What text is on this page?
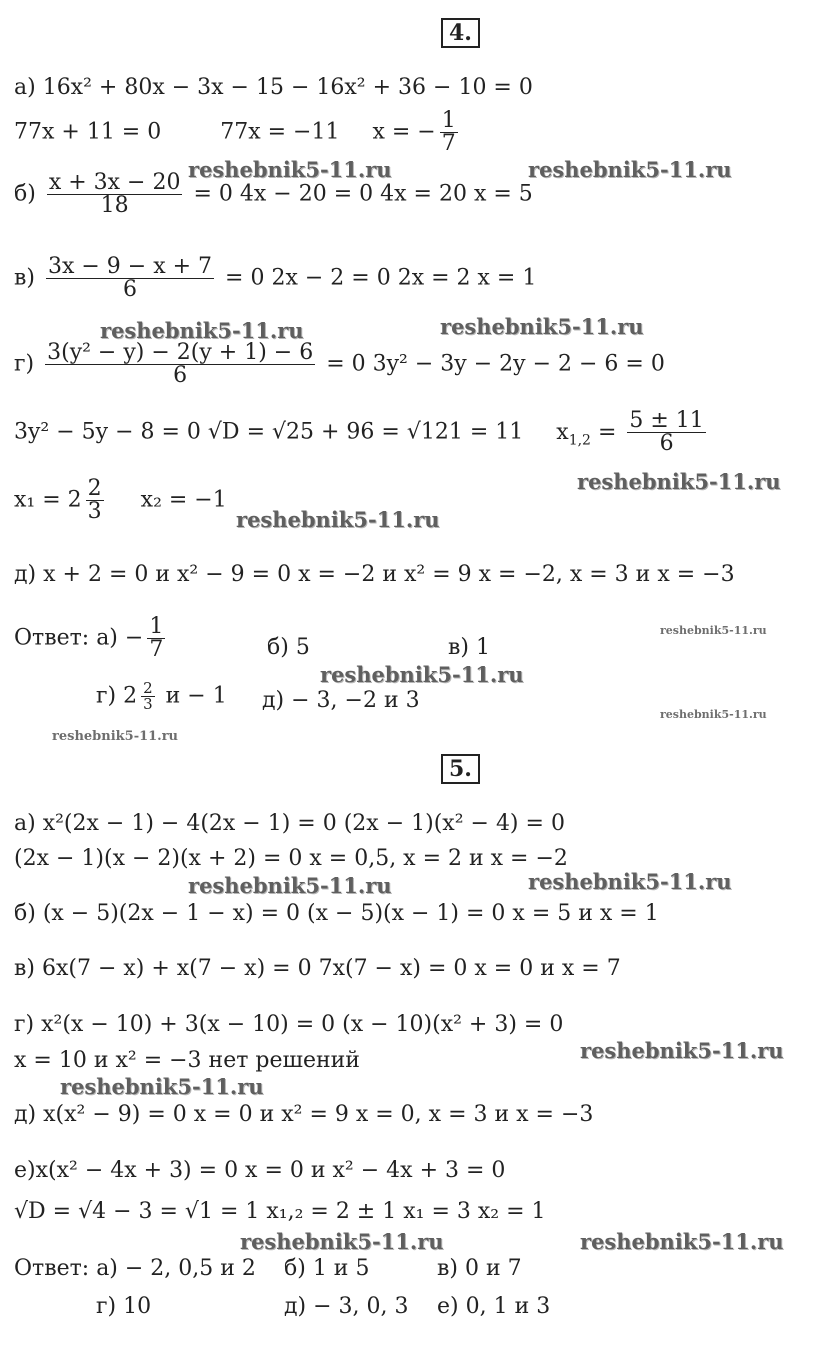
4.
а) 16x² + 80x − 3x − 15 − 16x² + 36 − 10 = 0
77x + 11 = 0	77x = −11 x = − $\frac{1}{7}$
$б) \frac{x + 3x - 20}{18} = 0$ 4x − 20 = 0 4x = 20 x = 5
$в) \frac{3x - 9 - x + 7}{6} = 0$ 2x − 2 = 0 2x = 2 x = 1
$г) \frac{\text{3(y² − y) − 2(y + 1) − 6}}{6} = 0$ 3y² − 3y − 2y − 2 − 6 = 0
3y² − 5y − 8 = 0 √D = √25 + 96 = √121 = 11 $x_{1,2} = \frac{5 \pm 11}{6}$
$x_1 = 2 \frac{2}{3} x_2 = -1$
д) x + 2 = 0 и x² − 9 = 0 x = −2 и x² = 9 x = −2, x = 3 и x = −3
Ответ: $а) - \frac{1}{7}$	б) 5	в) 1
г) $2 \frac{2}{3}$ и − 1 д) − 3, −2 и 3
5.
а) x²(2x − 1) − 4(2x − 1) = 0 (2x − 1)(x² − 4) = 0
(2x − 1)(x − 2)(x + 2) = 0 x = 0,5, x = 2 и x = −2
б) (x − 5)(2x − 1 − x) = 0 (x − 5)(x − 1) = 0 x = 5 и x = 1
в) 6x(7 − x) + x(7 − x) = 0 7x(7 − x) = 0 x = 0 и x = 7
г) x²(x − 10) + 3(x − 10) = 0 (x − 10)(x² + 3) = 0
x = 10 и x² = −3 нет решений
д) x(x² − 9) = 0 x = 0 и x² = 9 x = 0, x = 3 и x = −3
е)x(x² − 4x + 3) = 0 x = 0 и x² − 4x + 3 = 0
√D = √4 − 3 = √1 = 1 x₁,₂ = 2 ± 1 x₁ = 3 x₂ = 1
Ответ: а) − 2, 0,5 и 2 б) 1 и 5	в) 0 и 7
г) 10	д) − 3, 0, 3 е) 0, 1 и 3
reshebnik5-11.ru	reshebnik5-11.ru
reshebnik5-11.ru	reshebnik5-11.ru
reshebnik5-11.ru
reshebnik5-11.ru
reshebnik5-11.ru
reshebnik5-11.ru
reshebnik5-11.ru
reshebnik5-11.ru
reshebnik5-11.ru	reshebnik5-11.ru
reshebnik5-11.ru
reshebnik5-11.ru
reshebnik5-11.ru	reshebnik5-11.ru
